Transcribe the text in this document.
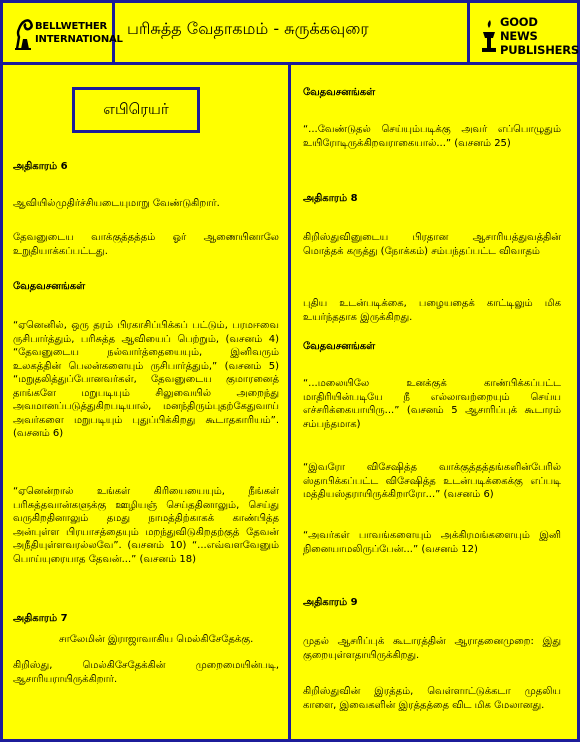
BELLWETHER
INTERNATIONAL
பரிசுத்த வேதாகமம் - சுருக்கவுரை	GOOD NEWS
PUBLISHERS
எபிரெயர்
அதிகாரம் 6
ஆவியில்முதிர்ச்சியடையுமாறு வேண்டுகிறார்.
தேவனுடைய வாக்குத்தத்தம் ஓர் ஆணையினாலே உறுதியாக்கப்பட்டது.
வேதவசனங்கள்
“ஏனெனில், ஒரு தரம் பிரகாசிப்பிக்கப் பட்டும், பரமஈவை ருசிபார்த்தும், பரிசுத்த ஆவியைப் பெற்றும், (வசனம் 4) “தேவனுடைய நல்வார்த்தையையும், இனிவரும் உலகத்தின் பெலன்களையும் ருசிபார்த்தும்,” (வசனம் 5) “மறுதலித்துப்போனவர்கள், தேவனுடைய குமாரனைத் தாங்களே மறுபடியும் சிலுவையில் அறைந்து அவமானப்படுத்துகிறபடியால், மனந்திரும்புதற்கேதுவாய் அவர்களை மறுபடியும் புதுப்பிக்கிறது கூடாதகாரியம்”. (வசனம் 6)
“ஏனென்றால் உங்கள் கிரியையையும், நீங்கள் பரிசுத்தவான்களுக்கு ஊழியஞ் செய்ததினாலும், செய்து வருகிறதினாலும் தமது நாமத்திற்காகக் காண்பித்த அன்புள்ள பிரயாசத்தையும் மறந்துவிடுகிறதற்குத் தேவன் அநீதியுள்ளவரல்லவே”. (வசனம் 10) “...எவ்வளவேனும் பொய்யுரையாத தேவன்...” (வசனம் 18)
அதிகாரம் 7
சாலேமின் இராஜாவாகிய மெல்கிசேதேக்கு.
கிறிஸ்து, மெல்கிசேதேக்கின் முறைமையின்படி, ஆசாரியராயிருக்கிறார்.
வேதவசனங்கள்
“...வேண்டுதல் செய்யும்படிக்கு அவர் எப்பொழுதும் உயிரோடிருக்கிறவராகையால்...” (வசனம் 25)
அதிகாரம் 8
கிறிஸ்துவினுடைய பிரதான ஆசாரியத்துவத்தின் மொத்தக் கருத்து (நோக்கம்) சம்பந்தப்பட்ட விவாதம்
புதிய உடன்படிக்கை, பழையதைக் காட்டிலும் மிக உயர்ந்ததாக இருக்கிறது.
வேதவசனங்கள்
“...மலையிலே உனக்குக் காண்பிக்கப்பட்ட மாதிரியின்படியே நீ எல்லாவற்றையும் செய்ய எச்சரிக்கையாயிரு...” (வசனம் 5 ஆசாரிப்புக் கூடாரம் சம்பந்தமாக)
“இவரோ விசேஷித்த வாக்குத்தத்தங்களின்பேரில் ஸ்தாபிக்கப்பட்ட விசேஷித்த உடன்படிக்கைக்கு எப்படி மத்தியஸ்தராயிருக்கிறாரோ...” (வசனம் 6)
“அவர்கள் பாவங்களையும் அக்கிரமங்களையும் இனி நினையாமலிருப்பேன்...” (வசனம் 12)
அதிகாரம் 9
முதல் ஆசரிப்புக் கூடாரத்தின் ஆராதனைமுறை: இது குறையுள்ளதாயிருக்கிறது.
கிறிஸ்துவின் இரத்தம், வெள்ளாட்டுக்கடா முதலிய காளை, இவைகளின் இரத்தத்தை விட மிக மேலானது.
